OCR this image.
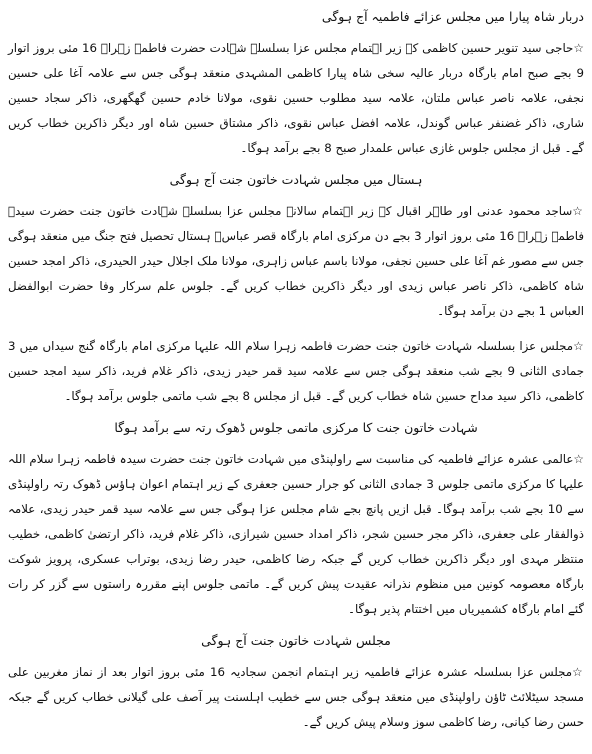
دربار شاہ پیارا میں مجلس عزائے فاطمیہ آج ہوگی

☆حاجی سید تنویر حسین کاظمی کے زیر اہتمام مجلس عزا بسلسلہ شہادت حضرت فاطمہ زہراؑ 16 مئی بروز اتوار 9 بجے صبح امام بارگاہ دربار عالیہ سخی شاہ پیارا کاظمی المشہدی منعقد ہوگی جس سے علامہ آغا علی حسین نجفی، علامہ ناصر عباس ملتان، علامہ سید مطلوب حسین نقوی، مولانا خادم حسین گھگھری، ذاکر سجاد حسین شاری، ذاکر غضنفر عباس گوندل، علامہ افضل عباس نقوی، ذاکر مشتاق حسین شاہ اور دیگر ذاکرین خطاب کریں گے۔ قبل از مجلس جلوس غازی عباس علمدار صبح 8 بجے برآمد ہوگا۔

ہستال میں مجلس شہادت خاتون جنت آج ہوگی

☆ساجد محمود عدنی اور طاہر اقبال کے زیر اہتمام سالانہ مجلس عزا بسلسلہ شہادت خاتون جنت حضرت سیدہ فاطمہ زہراؑ 16 مئی بروز اتوار 3 بجے دن مرکزی امام بارگاہ قصر عباسؑ ہستال تحصیل فتح جنگ میں منعقد ہوگی جس سے مصور غم آغا علی حسین نجفی، مولانا باسم عباس زاہری، مولانا ملک اجلال حیدر الحیدری، ذاکر امجد حسین شاہ کاظمی، ذاکر ناصر عباس زیدی اور دیگر ذاکرین خطاب کریں گے۔ جلوس علم سرکار وفا حضرت ابوالفضل العباس 1 بجے دن برآمد ہوگا۔

☆مجلس عزا بسلسلہ شہادت خاتون جنت حضرت فاطمہ زہرا سلام اللہ علیہا مرکزی امام بارگاہ گنج سیداں میں 3 جمادی الثانی 9 بجے شب منعقد ہوگی جس سے علامہ سید قمر حیدر زیدی، ذاکر غلام فرید، ذاکر سید امجد حسین کاظمی، ذاکر سید مداح حسین شاہ خطاب کریں گے۔ قبل از مجلس 8 بجے شب ماتمی جلوس برآمد ہوگا۔

شہادت خاتون جنت کا مرکزی ماتمی جلوس ڈھوک رتہ سے برآمد ہوگا

☆عالمی عشرہ عزائے فاطمیہ کی مناسبت سے راولپنڈی میں شہادت خاتون جنت حضرت سیدہ فاطمہ زہرا سلام اللہ علیہا کا مرکزی ماتمی جلوس 3 جمادی الثانی کو جرار حسین جعفری کے زیر اہتمام اعوان ہاؤس ڈھوک رتہ راولپنڈی سے 10 بجے شب برآمد ہوگا۔ قبل ازیں پانچ بجے شام مجلس عزا ہوگی جس سے علامہ سید قمر حیدر زیدی، علامہ ذوالفقار علی جعفری، ذاکر مجر حسین شجر، ذاکر امداد حسین شیرازی، ذاکر غلام فرید، ذاکر ارتضیٰ کاظمی، خطیب منتظر مہدی اور دیگر ذاکرین خطاب کریں گے جبکہ رضا کاظمی، حیدر رضا زیدی، بوتراب عسکری، پرویز شوکت بارگاہ معصومہ کونین میں منظوم نذرانہ عقیدت پیش کریں گے۔ ماتمی جلوس اپنے مقررہ راستوں سے گزر کر رات گئے امام بارگاہ کشمیریاں میں اختتام پذیر ہوگا۔

مجلس شہادت خاتون جنت آج ہوگی

☆مجلس عزا بسلسلہ عشرہ عزائے فاطمیہ زیر اہتمام انجمن سجادیہ 16 مئی بروز اتوار بعد از نماز مغربین علی مسجد سیٹلائٹ ٹاؤن راولپنڈی میں منعقد ہوگی جس سے خطیب اہلسنت پیر آصف علی گیلانی خطاب کریں گے جبکہ حسن رضا کیانی، رضا کاظمی سوز وسلام پیش کریں گے۔
